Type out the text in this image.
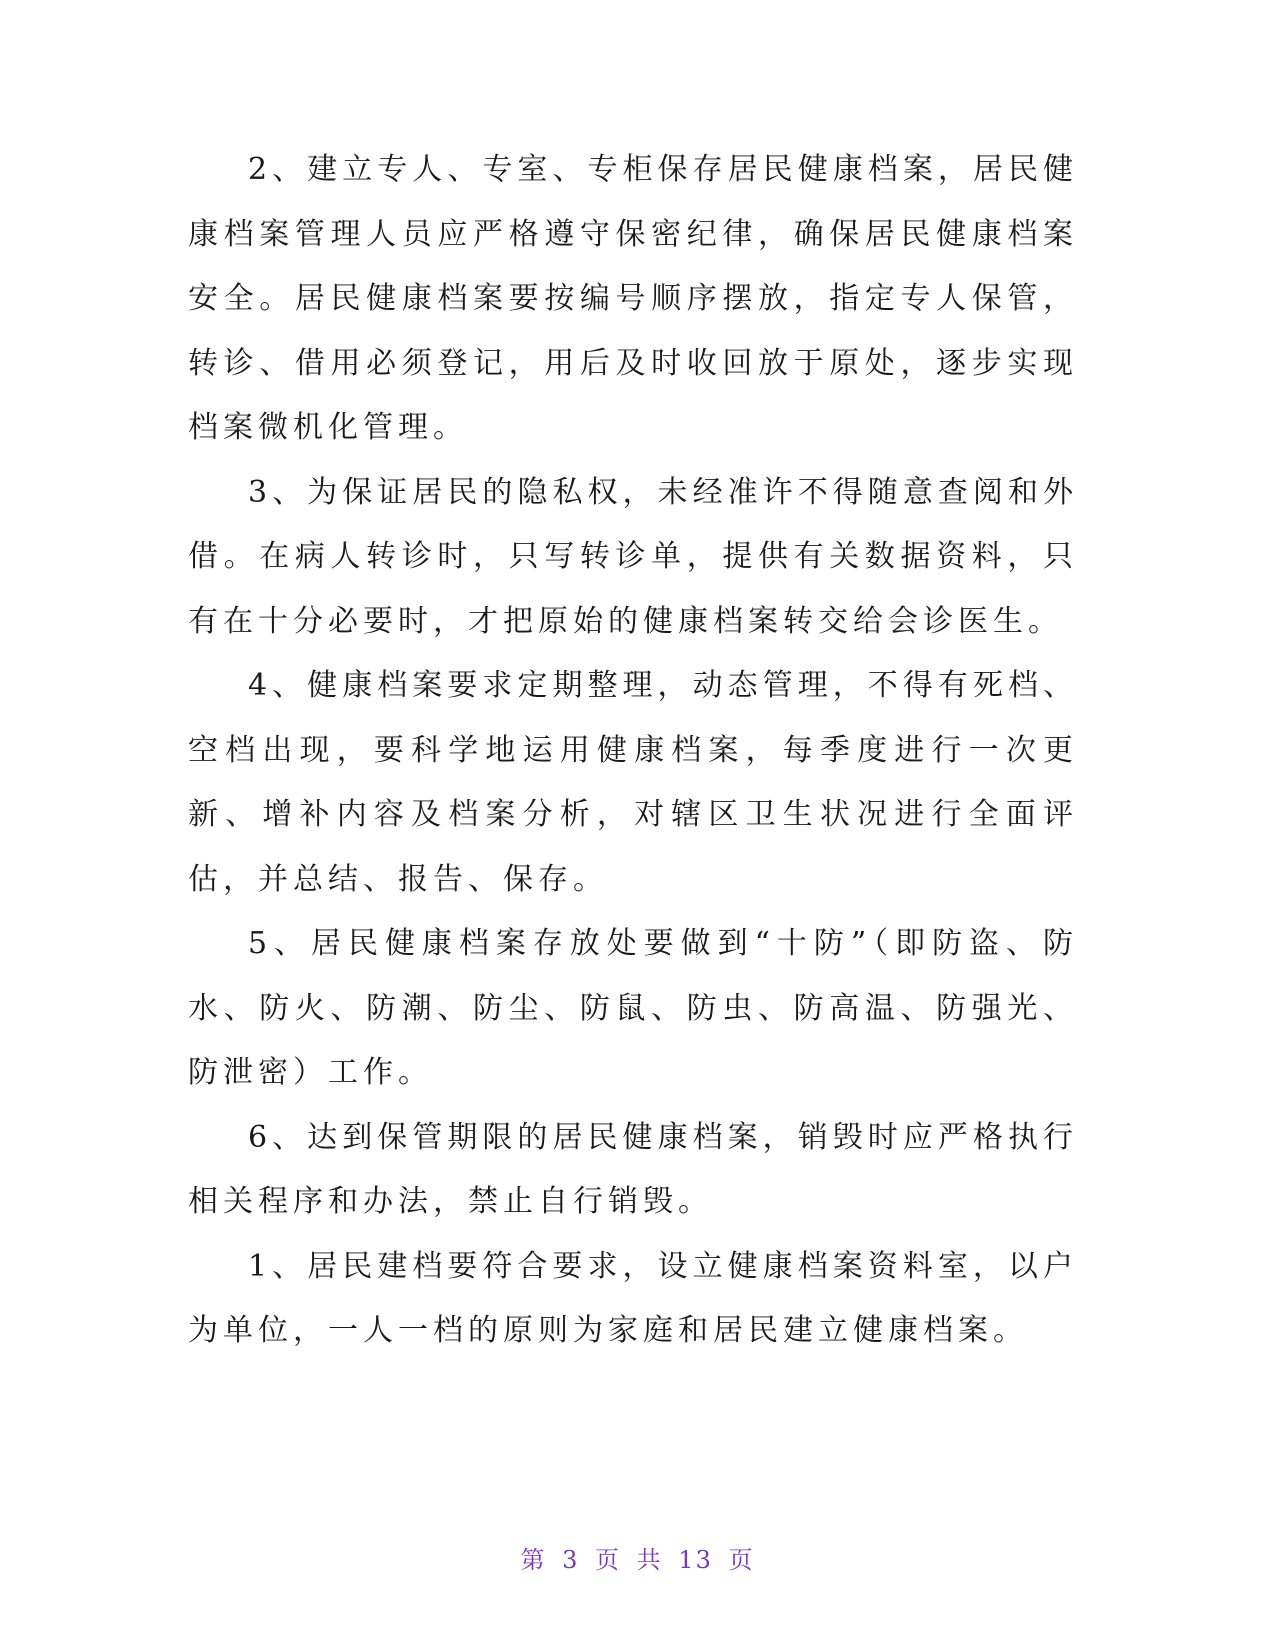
2、建立专人、专室、专柜保存居民健康档案，居民健康档案管理人员应严格遵守保密纪律，确保居民健康档案安全。居民健康档案要按编号顺序摆放，指定专人保管，转诊、借用必须登记，用后及时收回放于原处，逐步实现档案微机化管理。

3、为保证居民的隐私权，未经准许不得随意查阅和外借。在病人转诊时，只写转诊单，提供有关数据资料，只有在十分必要时，才把原始的健康档案转交给会诊医生。

4、健康档案要求定期整理，动态管理，不得有死档、空档出现，要科学地运用健康档案，每季度进行一次更新、增补内容及档案分析，对辖区卫生状况进行全面评估，并总结、报告、保存。

5、居民健康档案存放处要做到“十防”（即防盗、防水、防火、防潮、防尘、防鼠、防虫、防高温、防强光、防泄密）工作。

6、达到保管期限的居民健康档案，销毁时应严格执行相关程序和办法，禁止自行销毁。

1、居民建档要符合要求，设立健康档案资料室，以户为单位，一人一档的原则为家庭和居民建立健康档案。

第 3 页 共 13 页
